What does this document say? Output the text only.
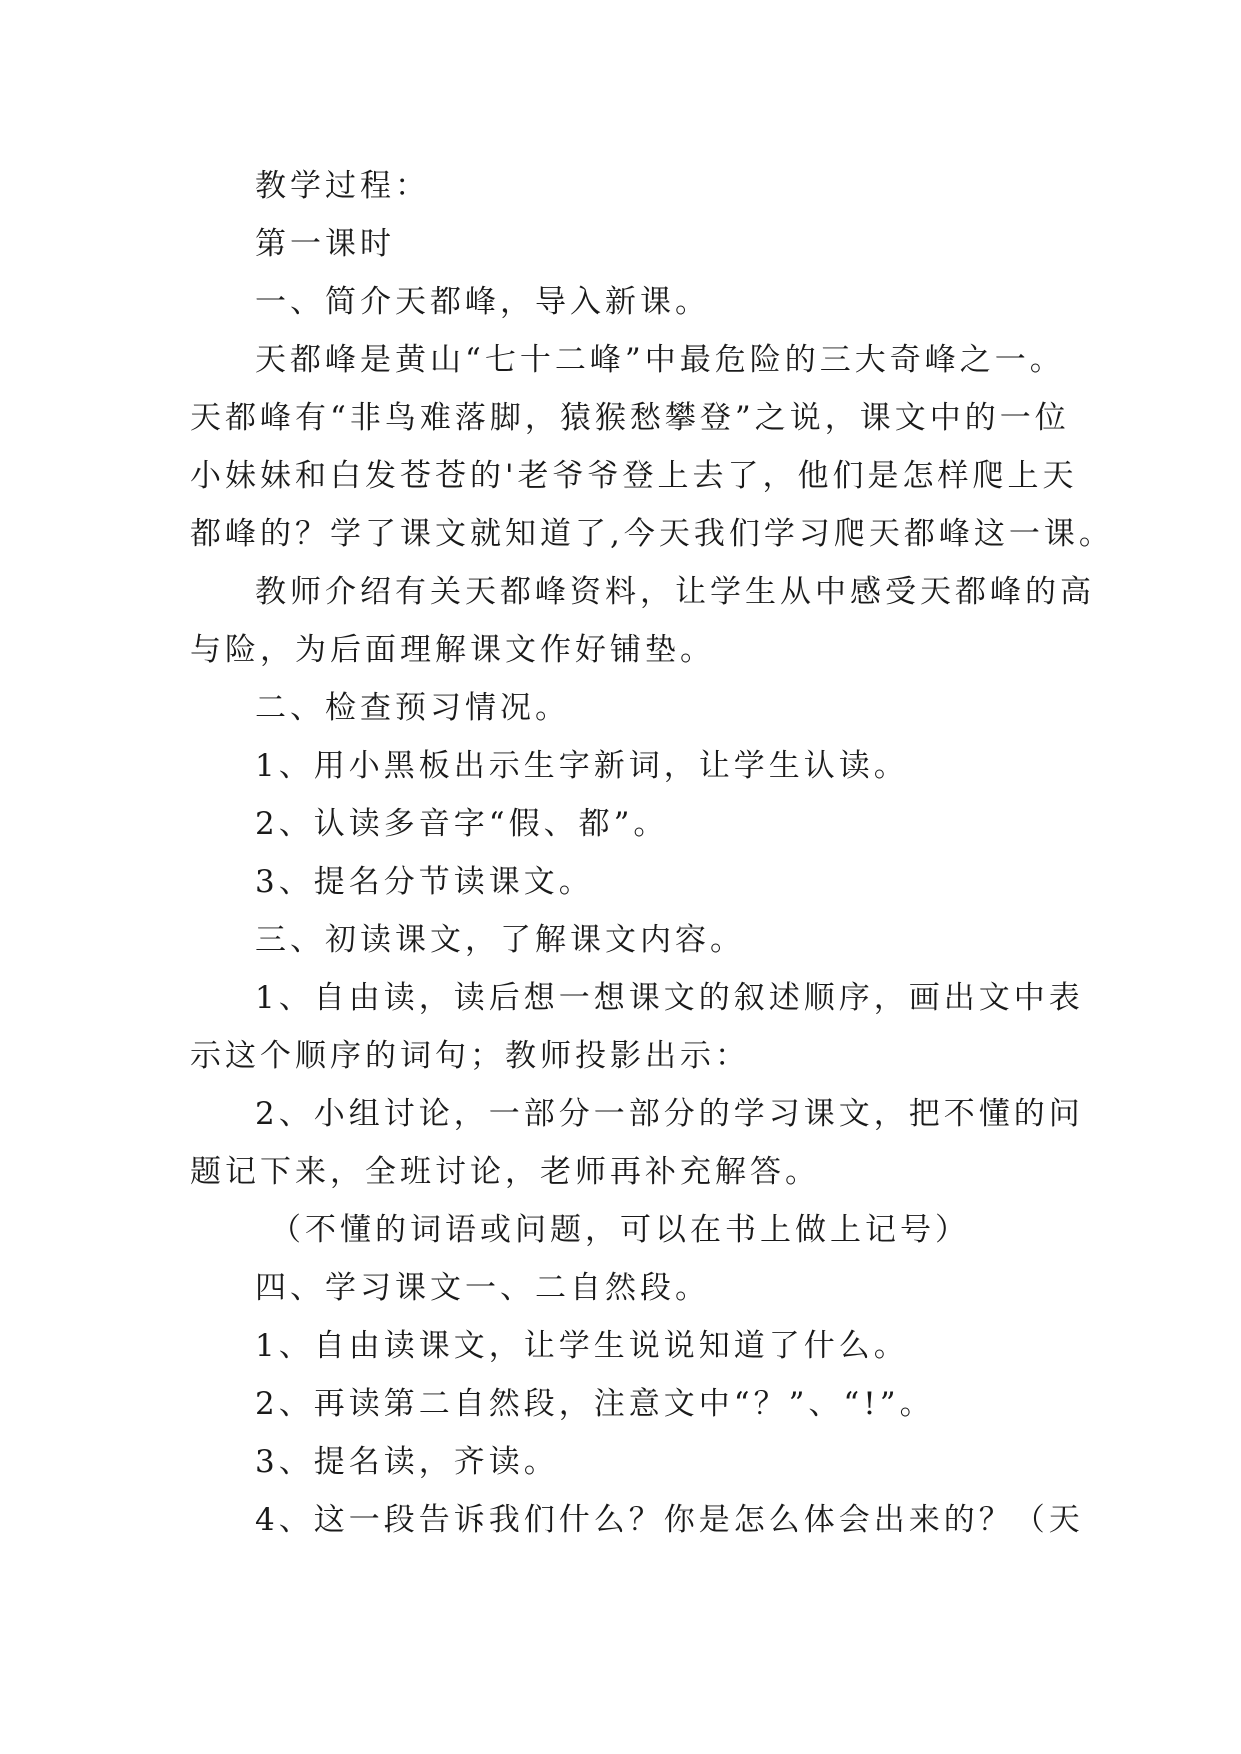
教学过程：

第一课时

一、简介天都峰，导入新课。

天都峰是黄山“七十二峰”中最危险的三大奇峰之一。

天都峰有“非鸟难落脚，猿猴愁攀登”之说，课文中的一位

小妹妹和白发苍苍的'老爷爷登上去了，他们是怎样爬上天

都峰的？学了课文就知道了,今天我们学习爬天都峰这一课。

教师介绍有关天都峰资料，让学生从中感受天都峰的高

与险，为后面理解课文作好铺垫。

二、检查预习情况。

1、用小黑板出示生字新词，让学生认读。

2、认读多音字“假、都”。

3、提名分节读课文。

三、初读课文，了解课文内容。

1、自由读，读后想一想课文的叙述顺序，画出文中表

示这个顺序的词句；教师投影出示：

2、小组讨论，一部分一部分的学习课文，把不懂的问

题记下来，全班讨论，老师再补充解答。

（不懂的词语或问题，可以在书上做上记号）

四、学习课文一、二自然段。

1、自由读课文，让学生说说知道了什么。

2、再读第二自然段，注意文中“？”、“!”。

3、提名读，齐读。

4、这一段告诉我们什么？你是怎么体会出来的？（天
